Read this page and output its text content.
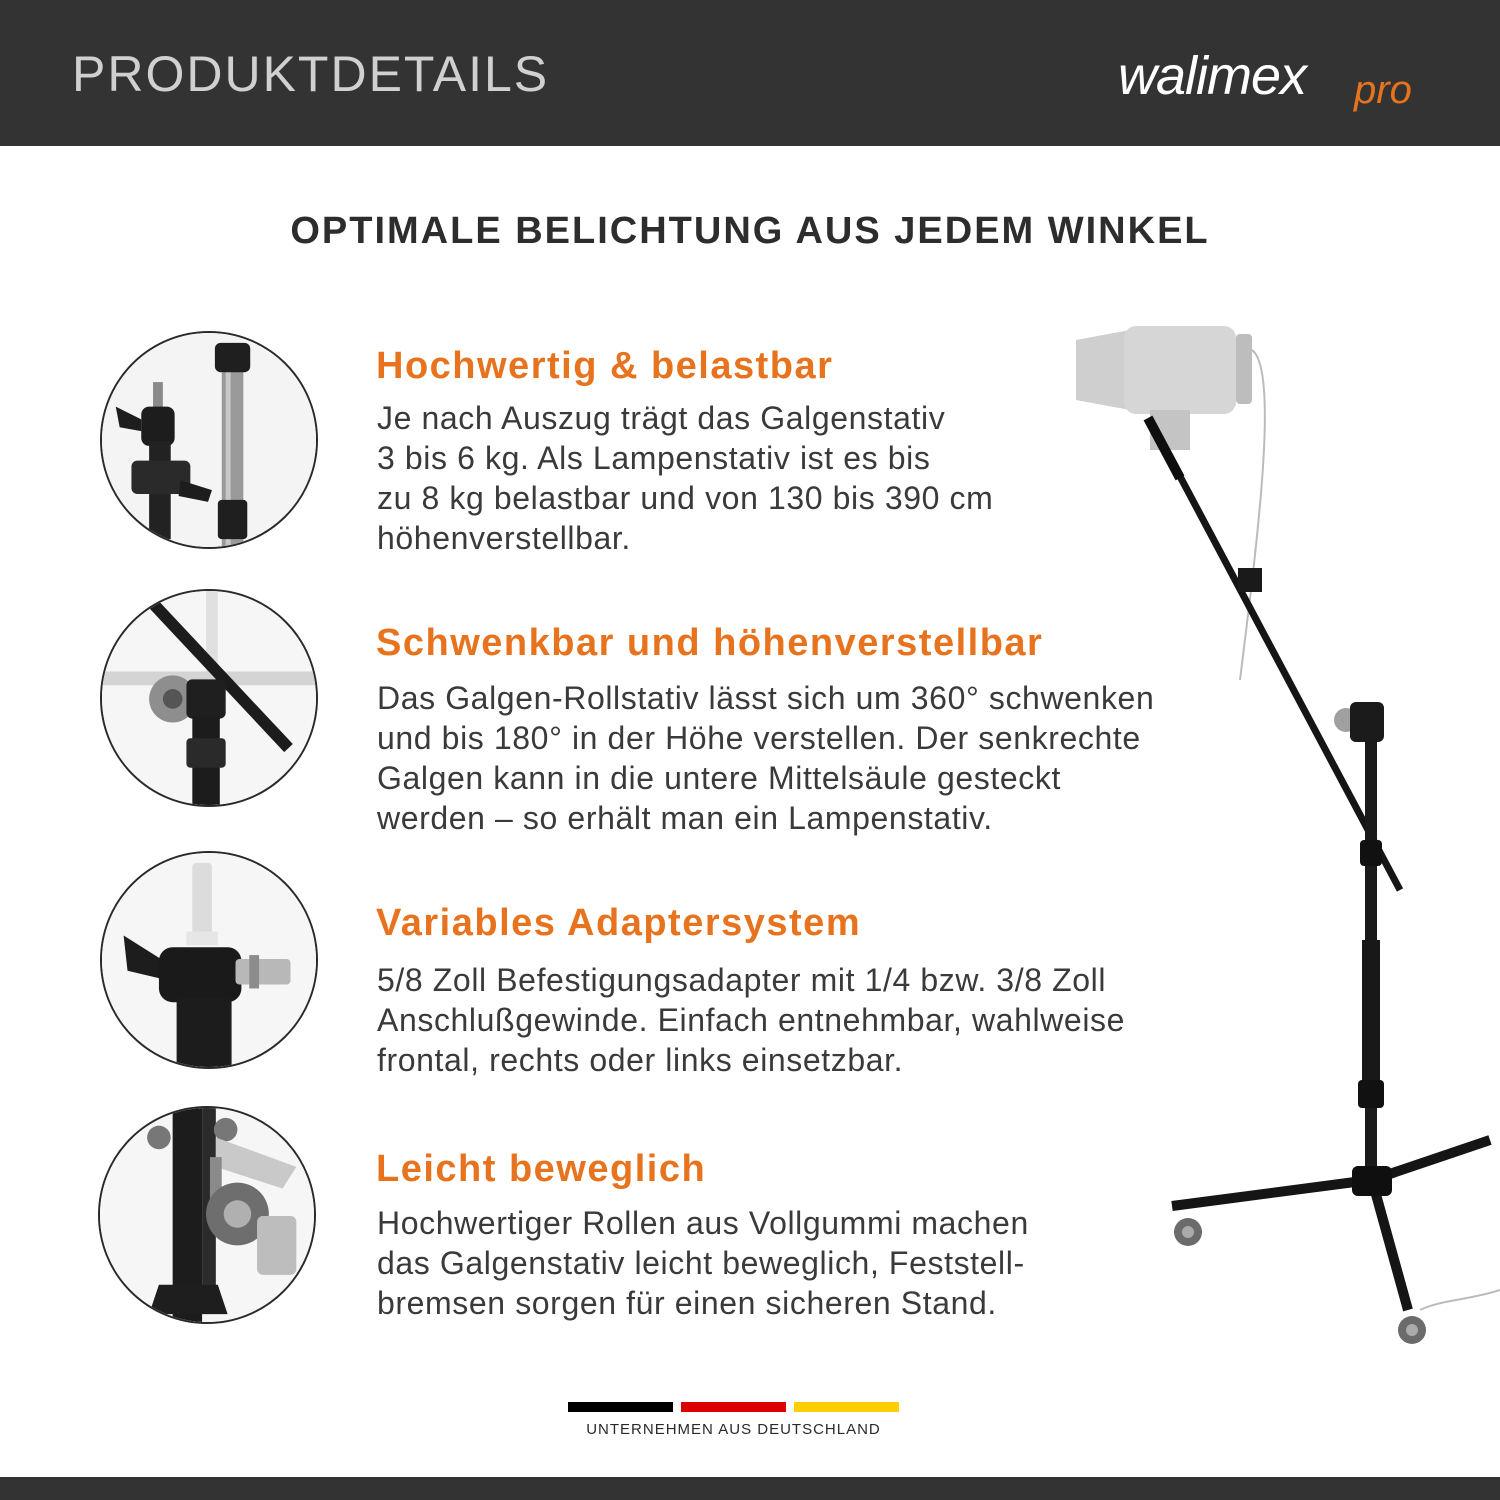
PRODUKTDETAILS	walimex pro
OPTIMALE BELICHTUNG AUS JEDEM WINKEL
Hochwertig & belastbar

Je nach Auszug trägt das Galgenstativ
3 bis 6 kg. Als Lampenstativ ist es bis
zu 8 kg belastbar und von 130 bis 390 cm
höhenverstellbar.

Schwenkbar und höhenverstellbar

Das Galgen-Rollstativ lässt sich um 360° schwenken
und bis 180° in der Höhe verstellen. Der senkrechte
Galgen kann in die untere Mittelsäule gesteckt
werden – so erhält man ein Lampenstativ.

Variables Adaptersystem

5/8 Zoll Befestigungsadapter mit 1/4 bzw. 3/8 Zoll
Anschlußgewinde. Einfach entnehmbar, wahlweise
frontal, rechts oder links einsetzbar.

Leicht beweglich

Hochwertiger Rollen aus Vollgummi machen
das Galgenstativ leicht beweglich, Feststell-
bremsen sorgen für einen sicheren Stand.

UNTERNEHMEN AUS DEUTSCHLAND
